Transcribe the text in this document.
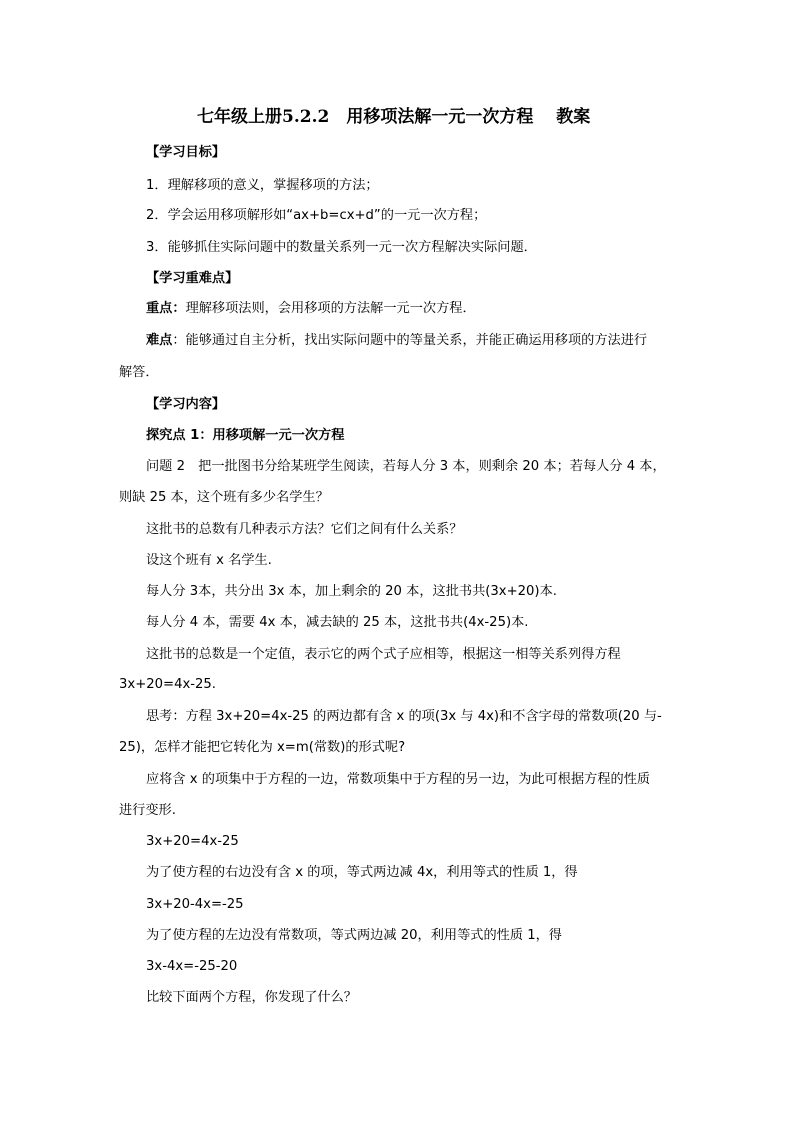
七年级上册5.2.2　用移项法解一元一次方程　 教案
【学习目标】
1．理解移项的意义，掌握移项的方法；
2．学会运用移项解形如“ax+b=cx+d”的一元一次方程；
3．能够抓住实际问题中的数量关系列一元一次方程解决实际问题．
【学习重难点】
重点：理解移项法则，会用移项的方法解一元一次方程．
难点：能够通过自主分析，找出实际问题中的等量关系，并能正确运用移项的方法进行
解答．
【学习内容】
探究点 1：用移项解一元一次方程
问题 2　把一批图书分给某班学生阅读，若每人分 3 本，则剩余 20 本；若每人分 4 本，
则缺 25 本，这个班有多少名学生？
这批书的总数有几种表示方法？它们之间有什么关系？
设这个班有 x 名学生.
每人分 3本，共分出 3x 本，加上剩余的 20 本，这批书共(3x+20)本.
每人分 4 本，需要 4x 本，减去缺的 25 本，这批书共(4x-25)本.
这批书的总数是一个定值，表示它的两个式子应相等，根据这一相等关系列得方程
3x+20=4x-25.
思考：方程 3x+20=4x-25 的两边都有含 x 的项(3x 与 4x)和不含字母的常数项(20 与-
25)，怎样才能把它转化为 x=m(常数)的形式呢?
应将含 x 的项集中于方程的一边，常数项集中于方程的另一边，为此可根据方程的性质
进行变形.
3x+20=4x-25
为了使方程的右边没有含 x 的项，等式两边减 4x，利用等式的性质 1，得
3x+20-4x=-25
为了使方程的左边没有常数项，等式两边减 20，利用等式的性质 1，得
3x-4x=-25-20
比较下面两个方程，你发现了什么？
